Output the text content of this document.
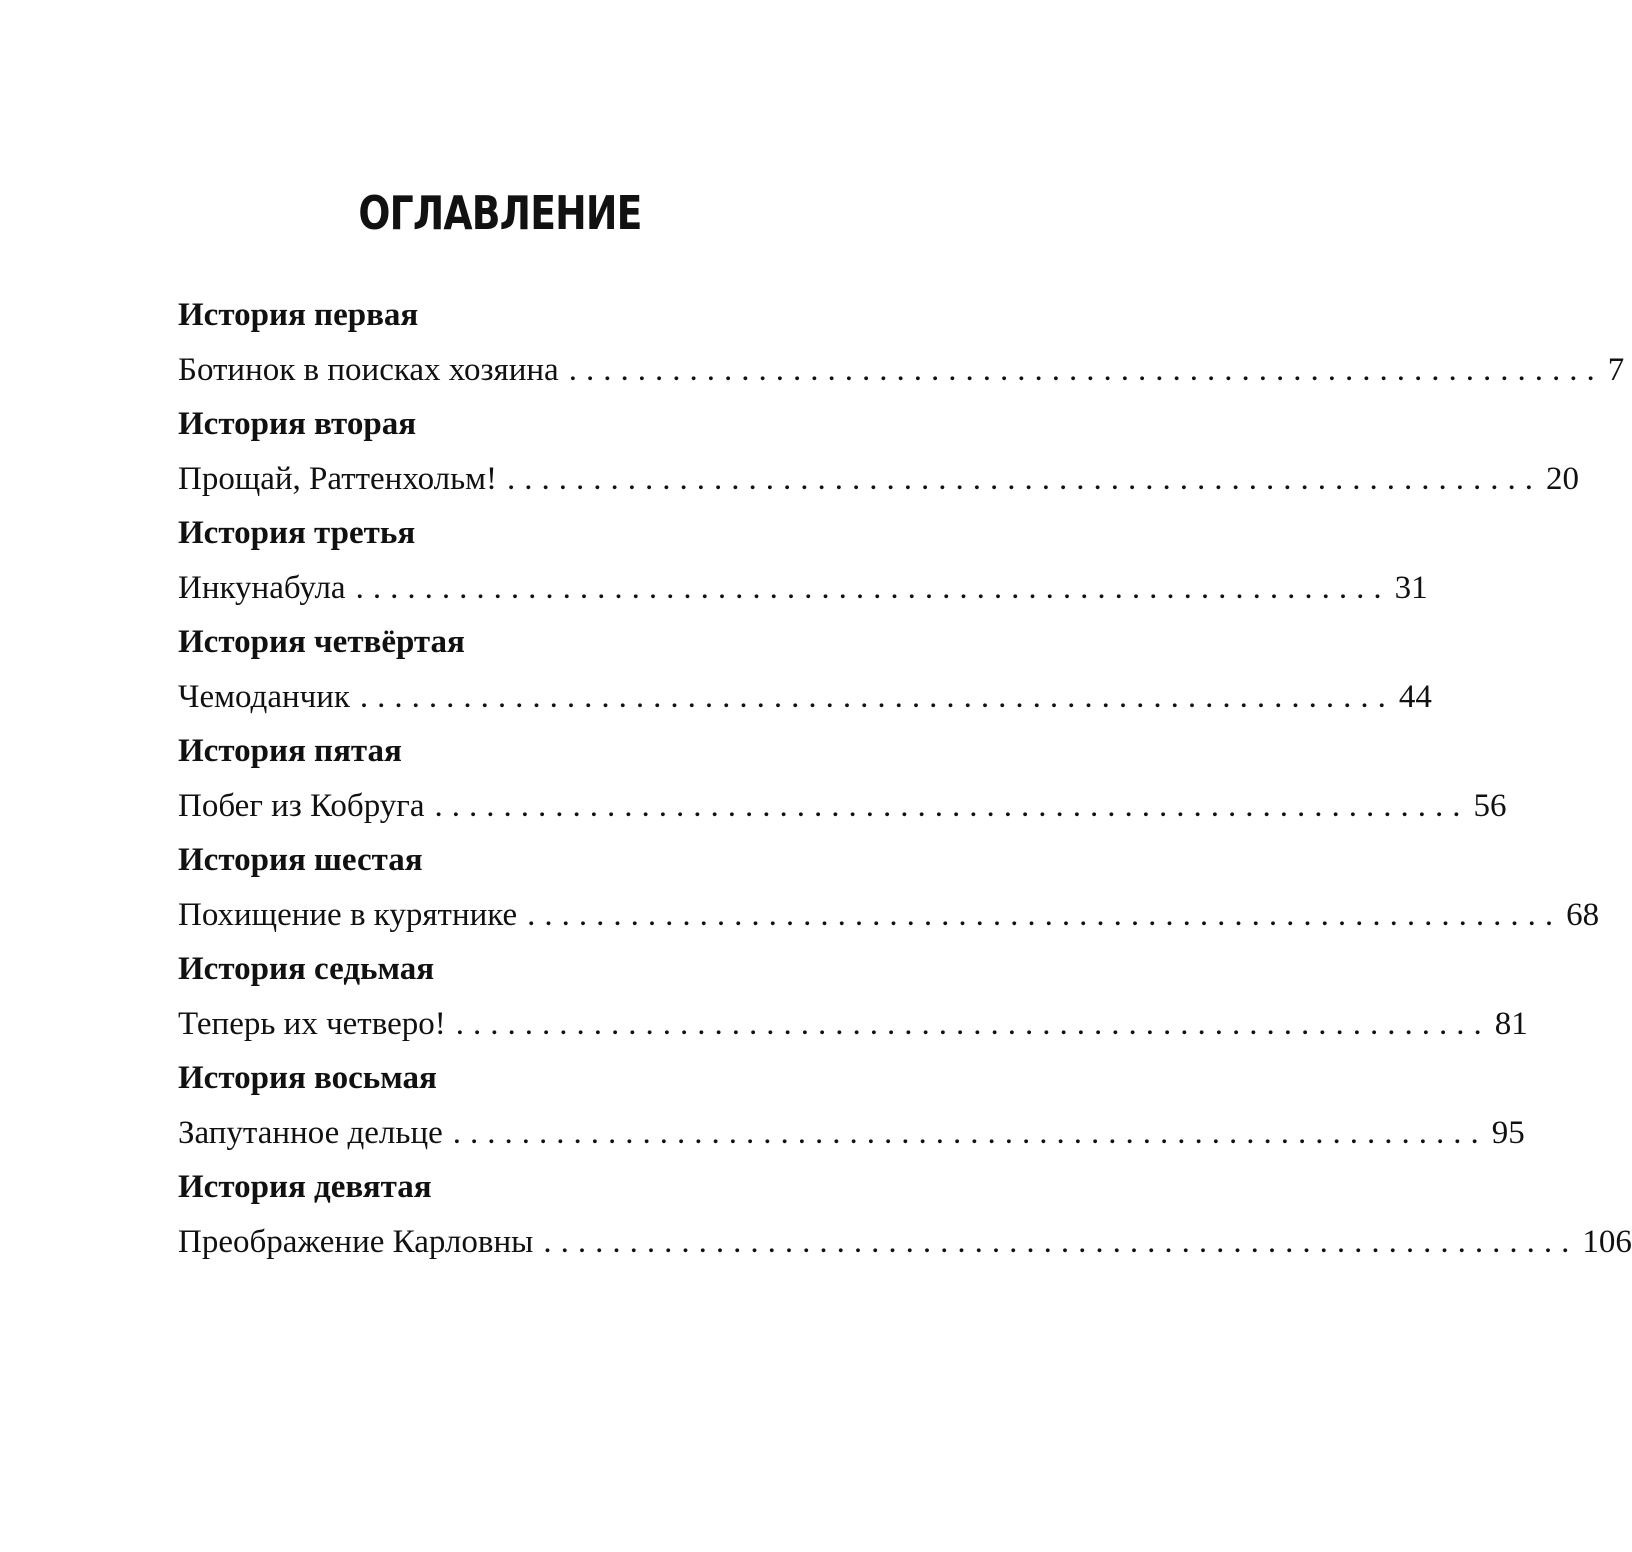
ОГЛАВЛЕНИЕ
История первая
Ботинок в поисках хозяина ............................................................ 7
История вторая
Прощай, Раттенхольм! ............................................................ 20
История третья
Инкунабула ............................................................ 31
История четвёртая
Чемоданчик ............................................................ 44
История пятая
Побег из Кобруга ............................................................ 56
История шестая
Похищение в курятнике ............................................................ 68
История седьмая
Теперь их четверо! ............................................................ 81
История восьмая
Запутанное дельце ............................................................ 95
История девятая
Преображение Карловны ............................................................ 106
